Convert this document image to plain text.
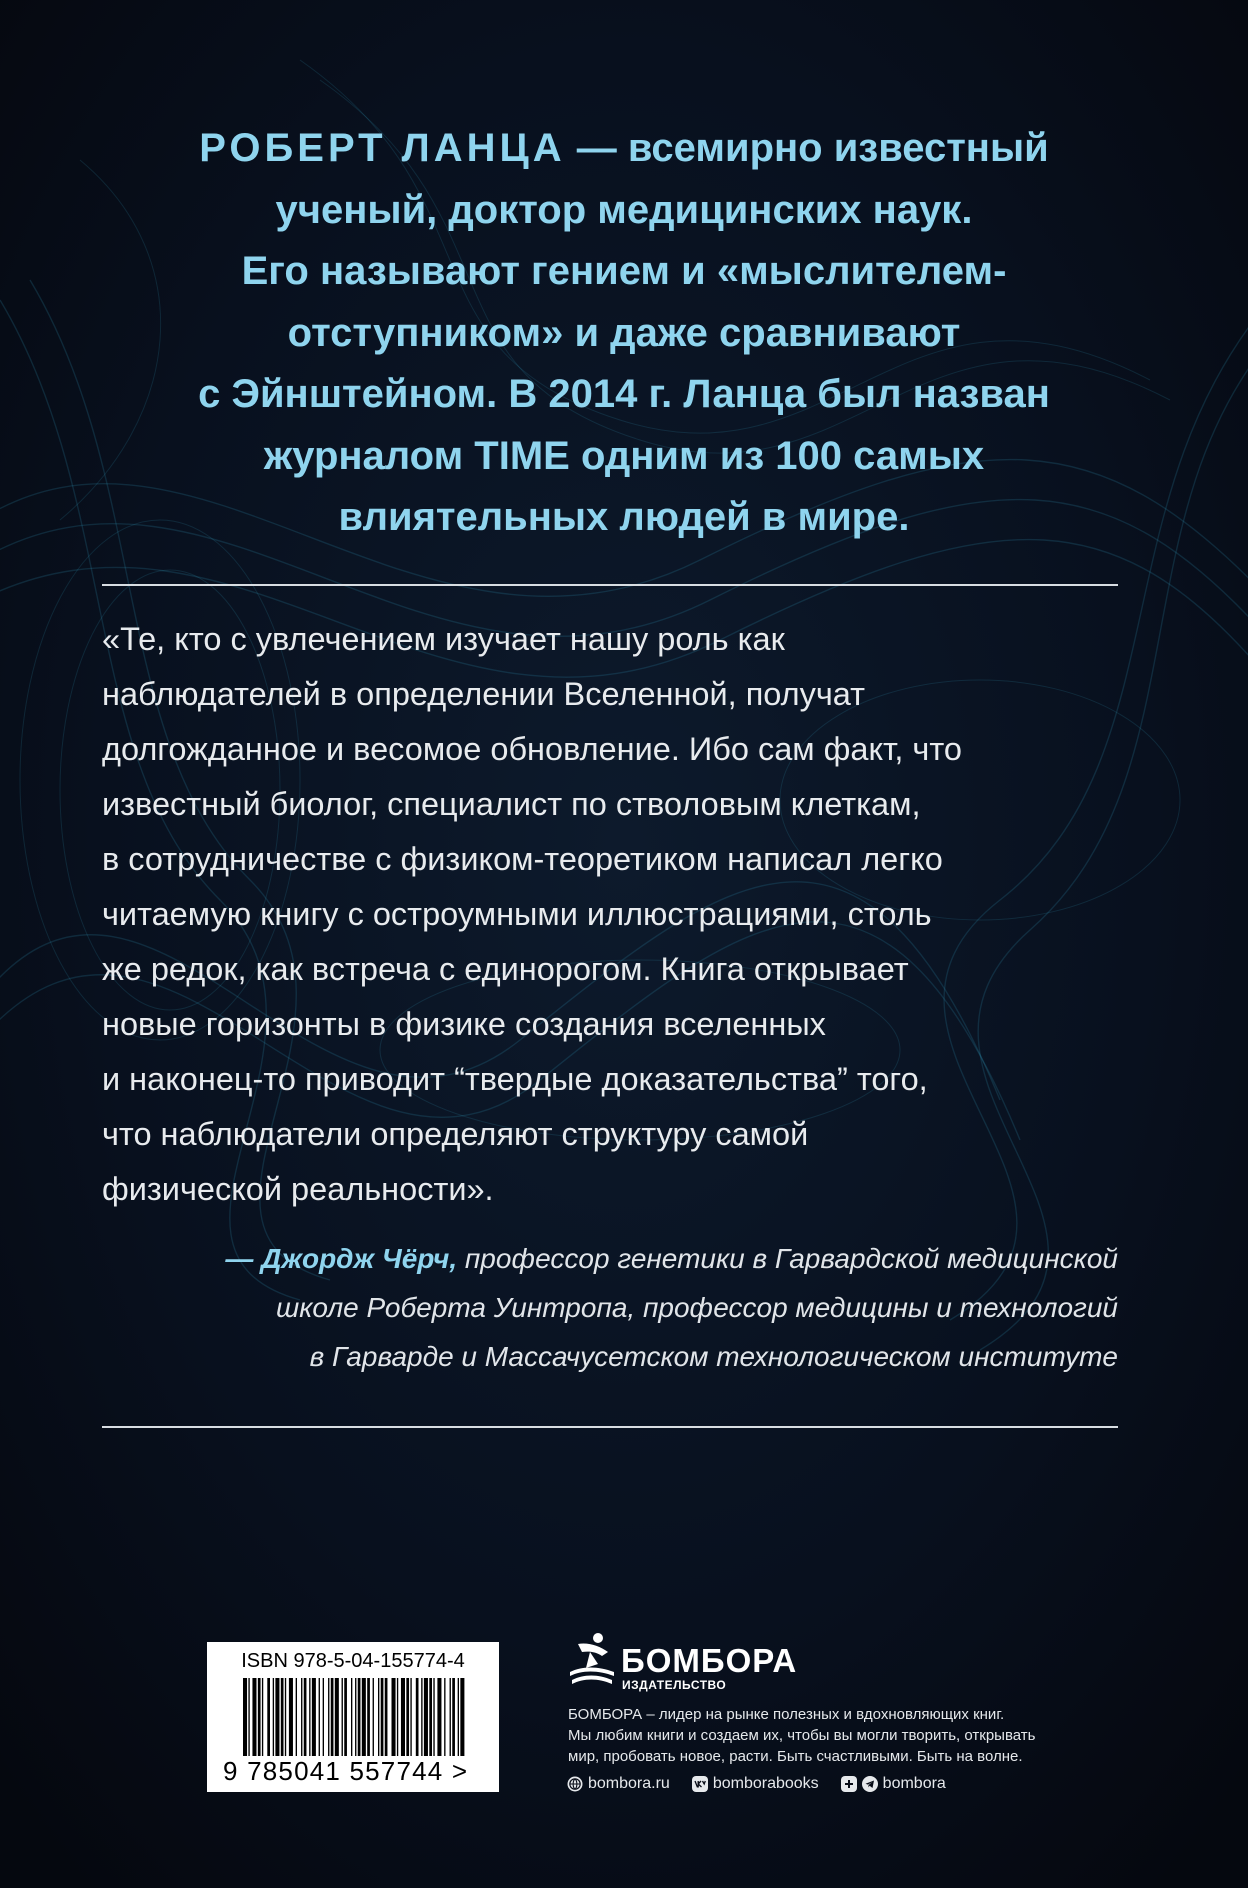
РОБЕРТ ЛАНЦА — всемирно известный
ученый, доктор медицинских наук.
Его называют гением и «мыслителем-
отступником» и даже сравнивают
с Эйнштейном. В 2014 г. Ланца был назван
журналом TIME одним из 100 самых
влиятельных людей в мире.

«Те, кто с увлечением изучает нашу роль как
наблюдателей в определении Вселенной, получат
долгожданное и весомое обновление. Ибо сам факт, что
известный биолог, специалист по стволовым клеткам,
в сотрудничестве с физиком-теоретиком написал легко
читаемую книгу с остроумными иллюстрациями, столь
же редок, как встреча с единорогом. Книга открывает
новые горизонты в физике создания вселенных
и наконец-то приводит “твердые доказательства” того,
что наблюдатели определяют структуру самой
физической реальности».

— Джордж Чёрч, профессор генетики в Гарвардской медицинской
школе Роберта Уинтропа, профессор медицины и технологий
в Гарварде и Массачусетском технологическом институте

ISBN 978-5-04-155774-4
9 785041 557744 >
БОМБОРА
ИЗДАТЕЛЬСТВО

БОМБОРА – лидер на рынке полезных и вдохновляющих книг.
Мы любим книги и создаем их, чтобы вы могли творить, открывать
мир, пробовать новое, расти. Быть счастливыми. Быть на волне.

bombora.ru	bomborabooks	bombora
